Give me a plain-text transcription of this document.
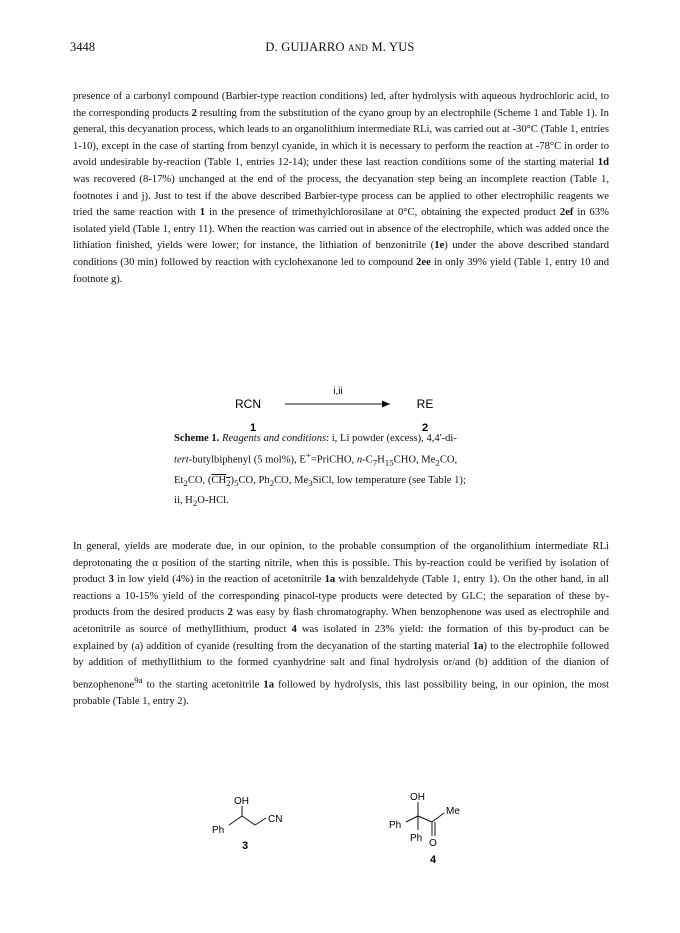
3448	D. GUIJARRO and M. YUS

presence of a carbonyl compound (Barbier-type reaction conditions) led, after hydrolysis with aqueous hydrochloric acid, to the corresponding products 2 resulting from the substitution of the cyano group by an electrophile (Scheme 1 and Table 1). In general, this decyanation process, which leads to an organolithium intermediate RLi, was carried out at -30°C (Table 1, entries 1-10), except in the case of starting from benzyl cyanide, in which it is necessary to perform the reaction at -78°C in order to avoid undesirable by-reaction (Table 1, entries 12-14); under these last reaction conditions some of the starting material 1d was recovered (8-17%) unchanged at the end of the process, the decyanation step being an incomplete reaction (Table 1, footnotes i and j). Just to test if the above described Barbier-type process can be applied to other electrophilic reagents we tried the same reaction with 1 in the presence of trimethylchlorosilane at 0°C, obtaining the expected product 2ef in 63% isolated yield (Table 1, entry 11). When the reaction was carried out in absence of the electrophile, which was added once the lithiation finished, yields were lower; for instance, the lithiation of benzonitrile (1e) under the above described standard conditions (30 min) followed by reaction with cyclohexanone led to compound 2ee in only 39% yield (Table 1, entry 10 and footnote g).

RCN
i,ii
RE
1	2
OH
CN
Ph
3
OH
Me
Ph
Ph O
4

Scheme 1. Reagents and conditions: i, Li powder (excess), 4,4'-di-
tert-butylbiphenyl (5 mol%), E+=PriCHO, $n-C_7H_{15}CHO$, $Me_2CO$,
$Et_2CO$, $(CH_2)_5CO$, $Ph_2CO$, $Me_3SiCl$, low temperature (see Table 1);
ii, $H_2O$-HCl.

In general, yields are moderate due, in our opinion, to the probable consumption of the organolithium intermediate RLi deprotonating the α position of the starting nitrile, when this is possible. This by-reaction could be verified by isolation of product 3 in low yield (4%) in the reaction of acetonitrile 1a with benzaldehyde (Table 1, entry 1). On the other hand, in all reactions a 10-15% yield of the corresponding pinacol-type products were detected by GLC; the separation of these by-products from the desired products 2 was easy by flash chromatography. When benzophenone was used as electrophile and acetonitrile as source of methyllithium, product 4 was isolated in 23% yield: the formation of this by-product can be explained by (a) addition of cyanide (resulting from the decyanation of the starting material 1a) to the electrophile followed by addition of methyllithium to the formed cyanhydrine salt and final hydrolysis or/and (b) addition of the dianion of benzophenone$^{9a}$ to the starting acetonitrile 1a followed by hydrolysis, this last possibility being, in our opinion, the most probable (Table 1, entry 2).
